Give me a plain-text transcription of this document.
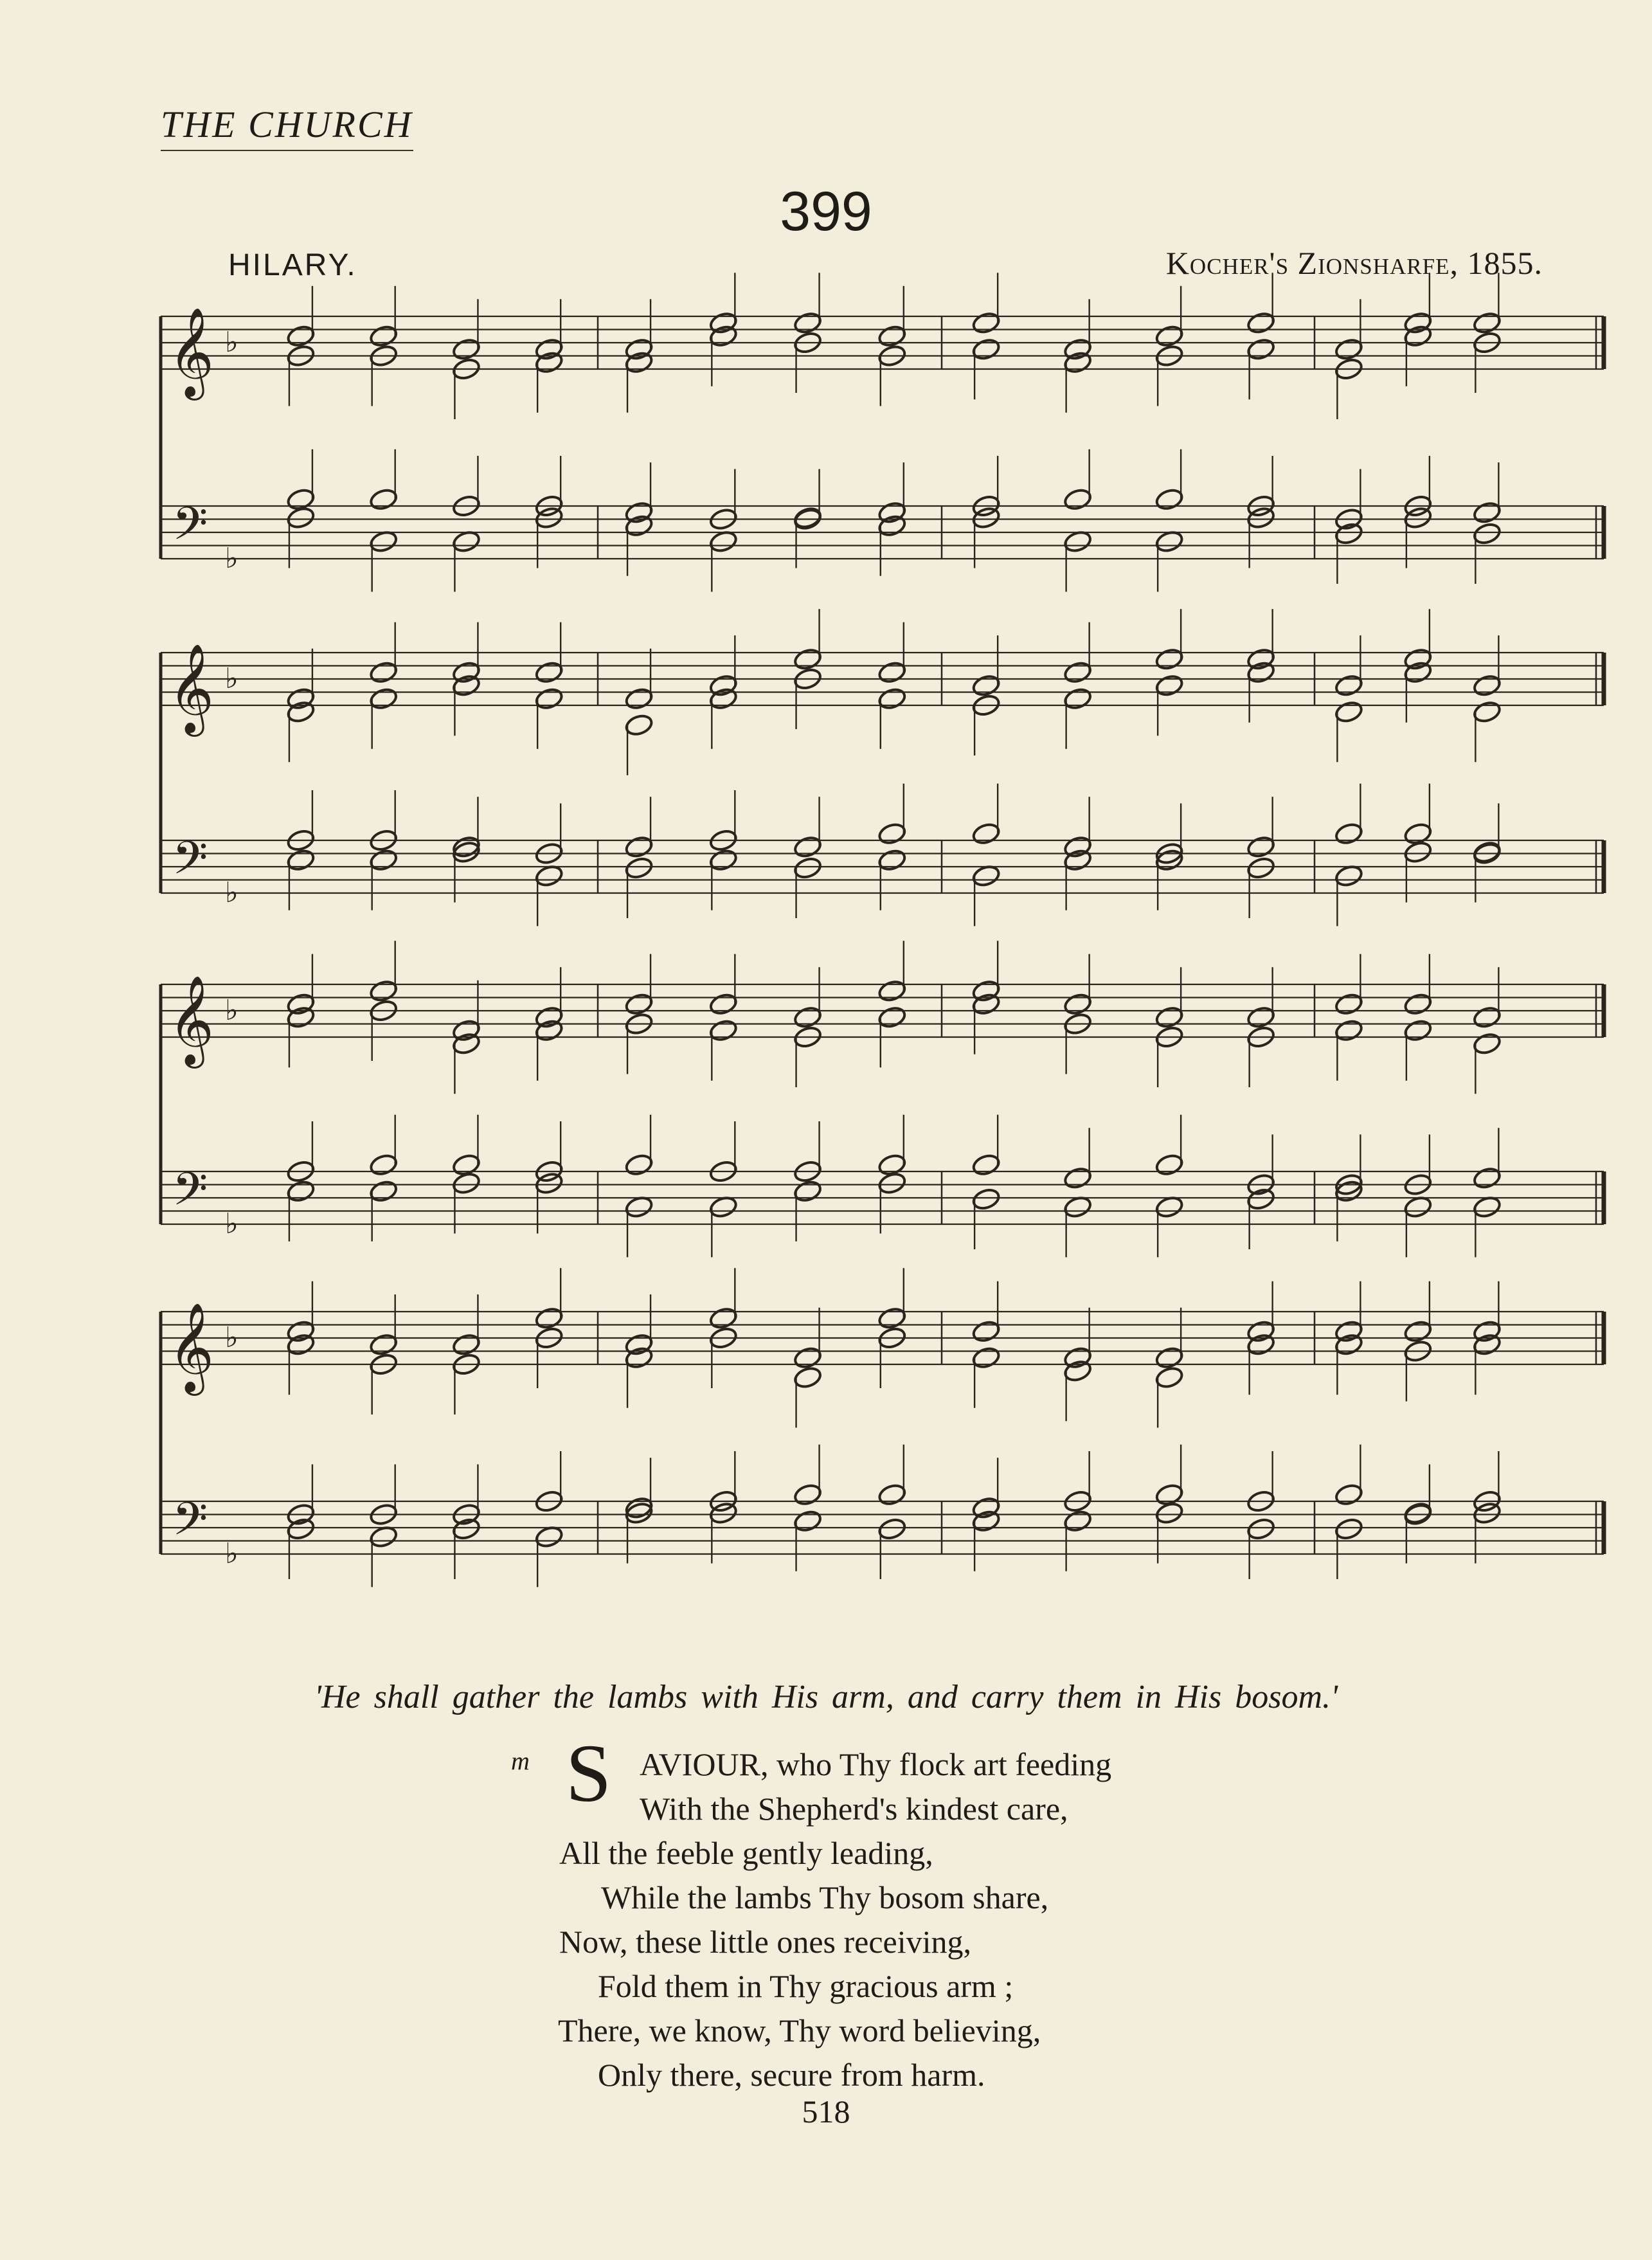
THE CHURCH
399
HILARY.	Kocher's Zionsharfe, 1855.
𝄞
𝄢
♭
♭
𝄞
𝄢
♭
♭
𝄞
𝄢
♭
♭
𝄞
𝄢
♭
♭
'He shall gather the lambs with His arm, and carry them in His bosom.'
m S AVIOUR, who Thy flock art feeding
With the Shepherd's kindest care,
All the feeble gently leading,
While the lambs Thy bosom share,
Now, these little ones receiving,
Fold them in Thy gracious arm ;
There, we know, Thy word believing,
Only there, secure from harm.
518
